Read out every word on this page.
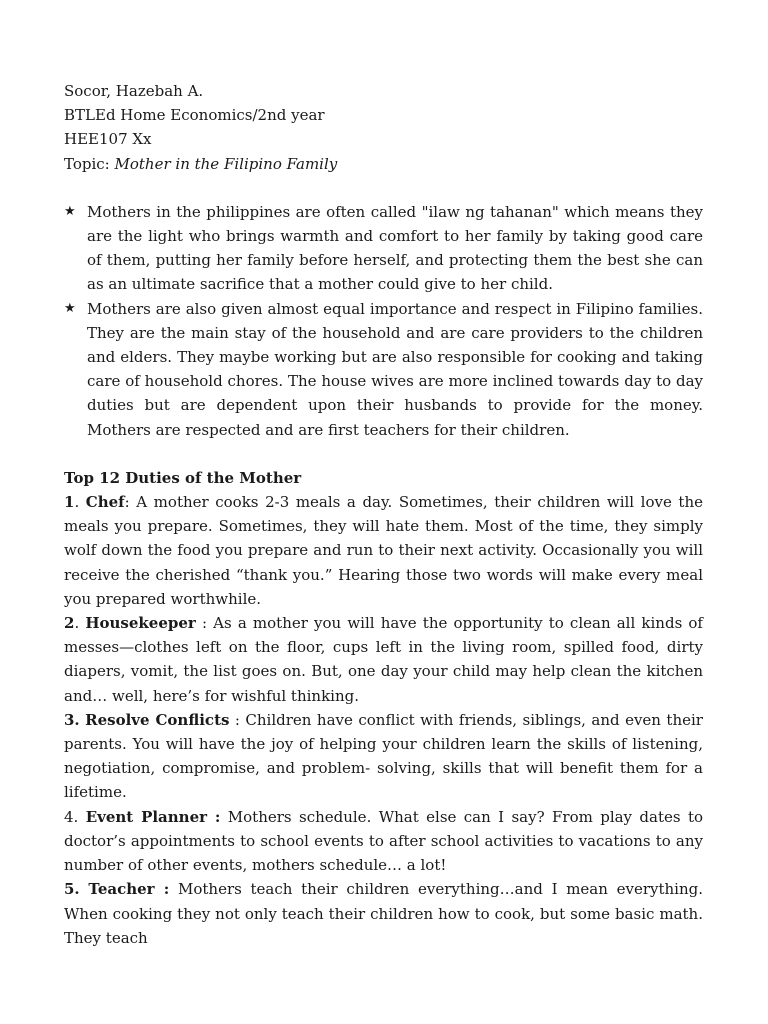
Socor, Hazebah A.

BTLEd Home Economics/2nd year

HEE107 Xx

Topic: Mother in the Filipino Family

★ Mothers in the philippines are often called "ilaw ng tahanan" which means they are the light who brings warmth and comfort to her family by taking good care of them, putting her family before herself, and protecting them the best she can as an ultimate sacrifice that a mother could give to her child.
★ Mothers are also given almost equal importance and respect in Filipino families. They are the main stay of the household and are care providers to the children and elders. They maybe working but are also responsible for cooking and taking care of household chores. The house wives are more inclined towards day to day duties but are dependent upon their husbands to provide for the money. Mothers are respected and are first teachers for their children.

Top 12 Duties of the Mother

1. Chef: A mother cooks 2-3 meals a day. Sometimes, their children will love the meals you prepare. Sometimes, they will hate them. Most of the time, they simply wolf down the food you prepare and run to their next activity. Occasionally you will receive the cherished “thank you.” Hearing those two words will make every meal you prepared worthwhile.

2. Housekeeper : As a mother you will have the opportunity to clean all kinds of messes—clothes left on the floor, cups left in the living room, spilled food, dirty diapers, vomit, the list goes on. But, one day your child may help clean the kitchen and… well, here’s for wishful thinking.

3. Resolve Conflicts : Children have conflict with friends, siblings, and even their parents. You will have the joy of helping your children learn the skills of listening, negotiation, compromise, and problem- solving, skills that will benefit them for a lifetime.

4. Event Planner : Mothers schedule. What else can I say? From play dates to doctor’s appointments to school events to after school activities to vacations to any number of other events, mothers schedule… a lot!

5. Teacher : Mothers teach their children everything…and I mean everything. When cooking they not only teach their children how to cook, but some basic math. They teach
